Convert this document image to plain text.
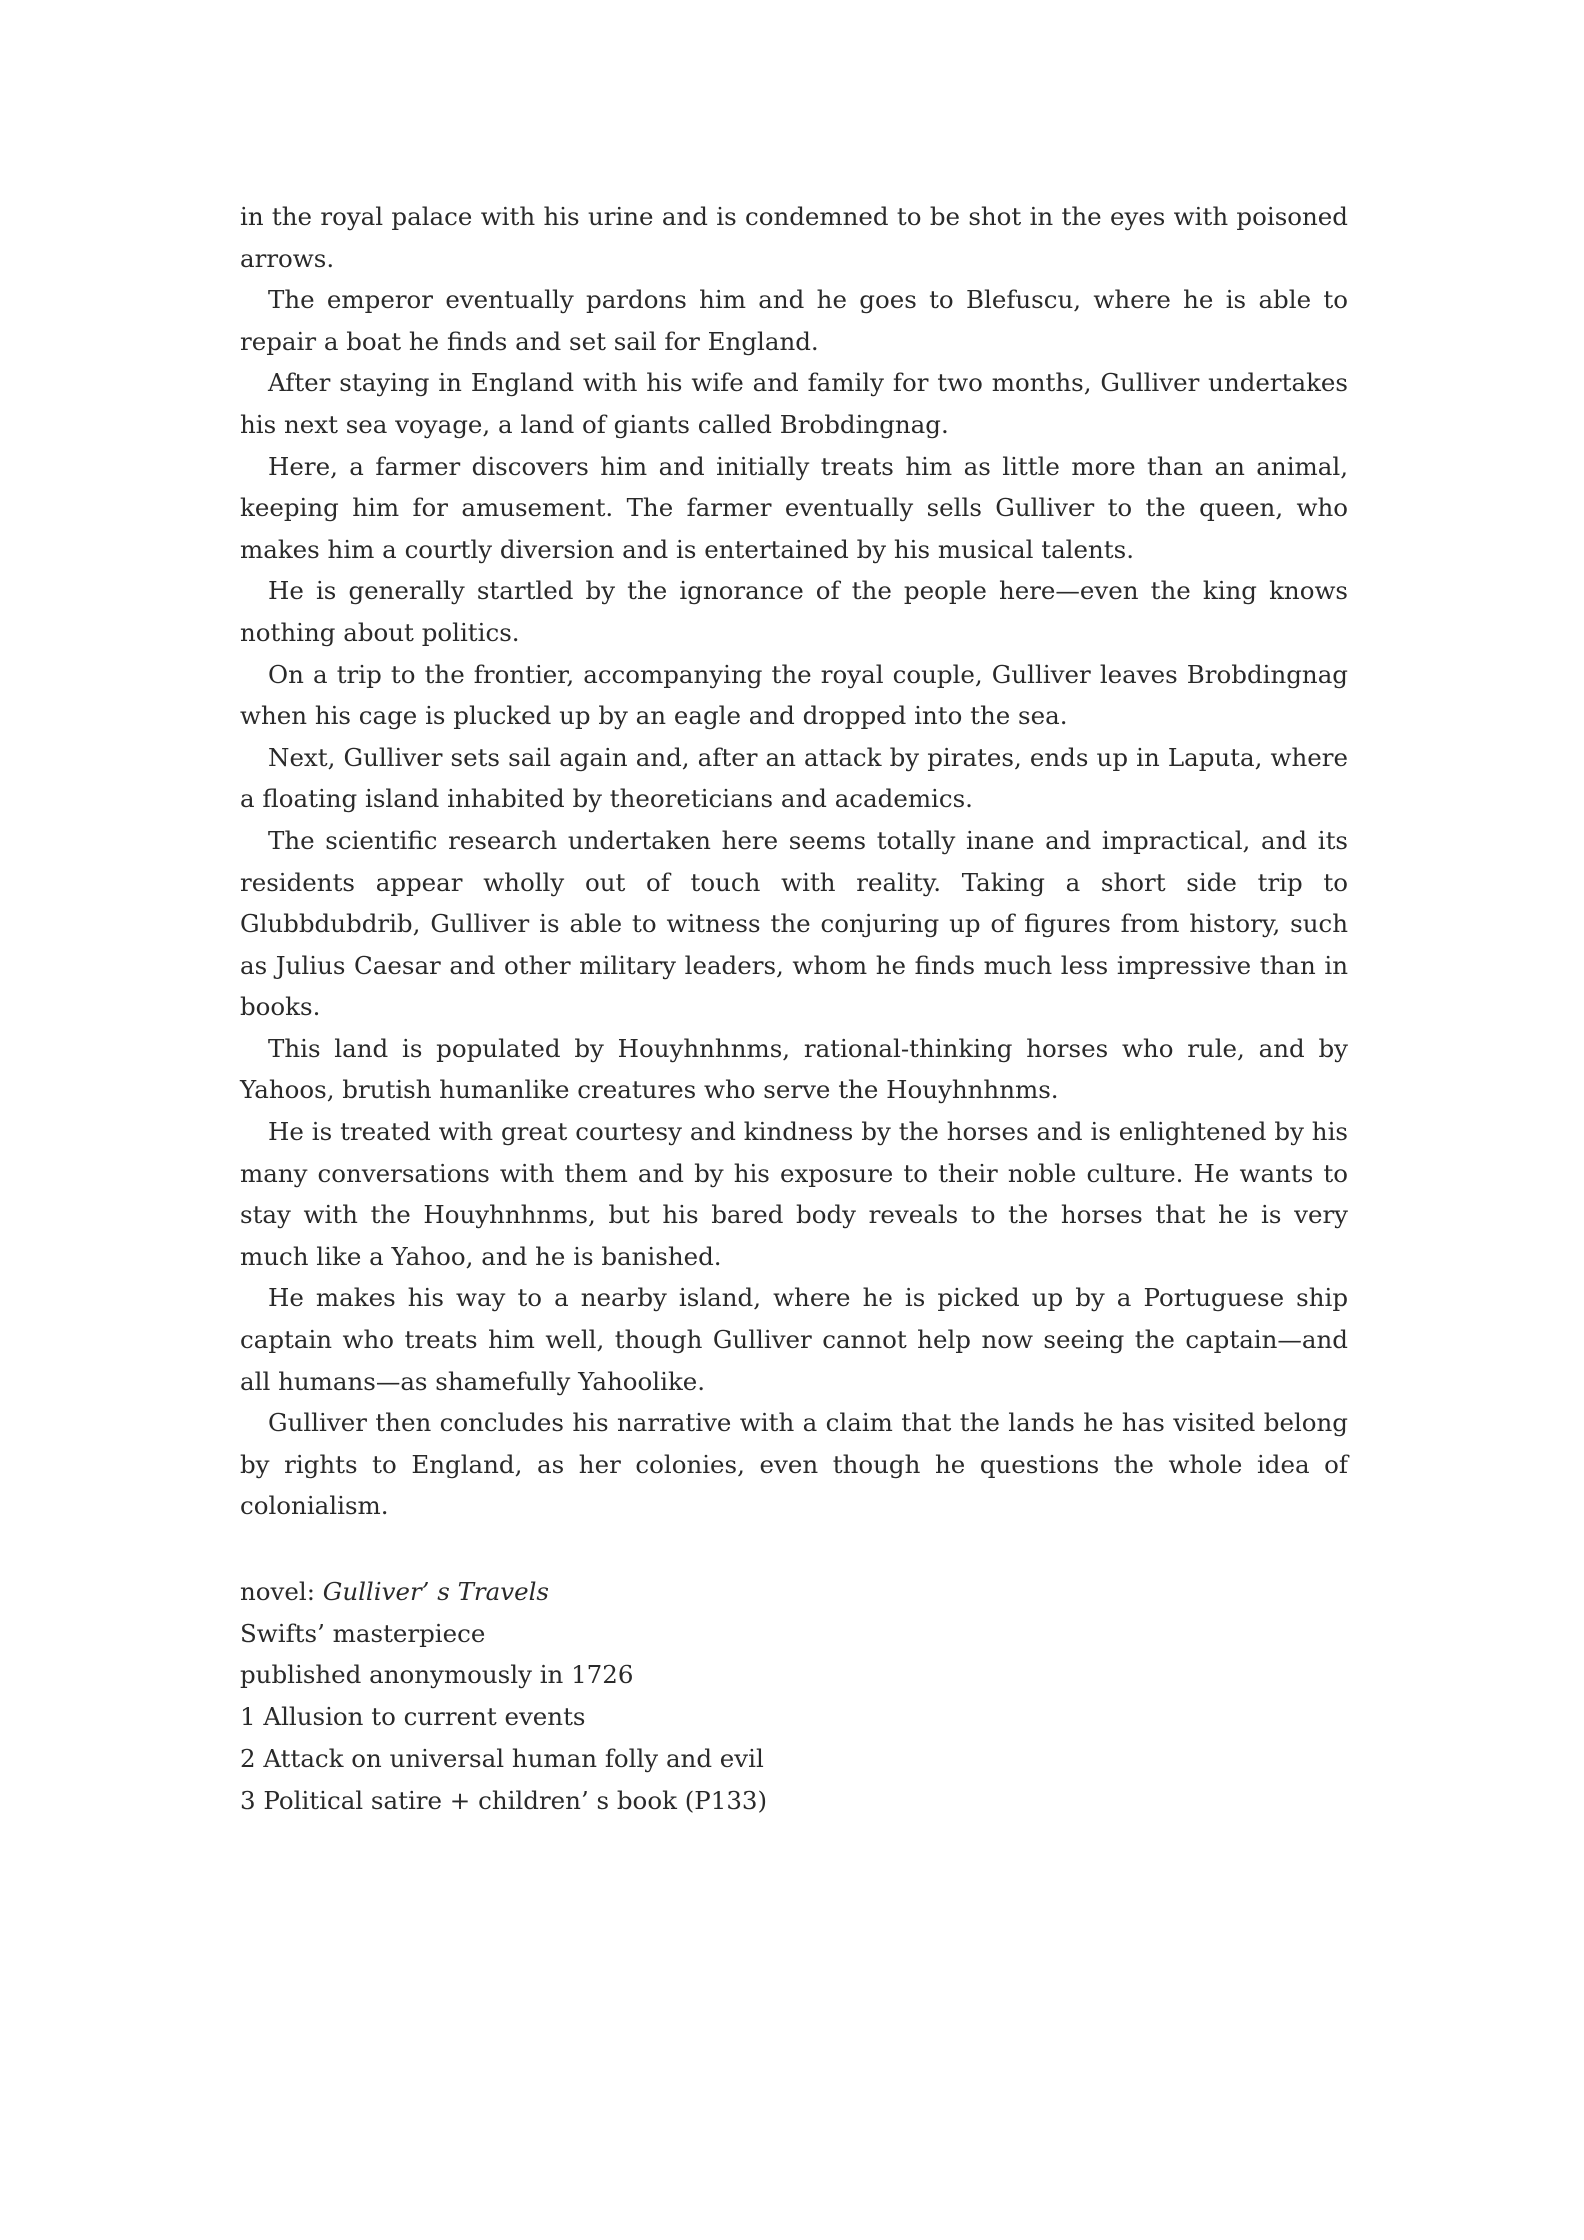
in the royal palace with his urine and is condemned to be shot in the eyes with poisoned arrows.

The emperor eventually pardons him and he goes to Blefuscu, where he is able to repair a boat he finds and set sail for England.

After staying in England with his wife and family for two months, Gulliver undertakes his next sea voyage, a land of giants called Brobdingnag.

Here, a farmer discovers him and initially treats him as little more than an animal, keeping him for amusement. The farmer eventually sells Gulliver to the queen, who makes him a courtly diversion and is entertained by his musical talents.

He is generally startled by the ignorance of the people here—even the king knows nothing about politics.

On a trip to the frontier, accompanying the royal couple, Gulliver leaves Brobdingnag when his cage is plucked up by an eagle and dropped into the sea.

Next, Gulliver sets sail again and, after an attack by pirates, ends up in Laputa, where a floating island inhabited by theoreticians and academics.

The scientific research undertaken here seems totally inane and impractical, and its residents appear wholly out of touch with reality. Taking a short side trip to Glubbdubdrib, Gulliver is able to witness the conjuring up of figures from history, such as Julius Caesar and other military leaders, whom he finds much less impressive than in books.

This land is populated by Houyhnhnms, rational-thinking horses who rule, and by Yahoos, brutish humanlike creatures who serve the Houyhnhnms.

He is treated with great courtesy and kindness by the horses and is enlightened by his many conversations with them and by his exposure to their noble culture. He wants to stay with the Houyhnhnms, but his bared body reveals to the horses that he is very much like a Yahoo, and he is banished.

He makes his way to a nearby island, where he is picked up by a Portuguese ship captain who treats him well, though Gulliver cannot help now seeing the captain—and all humans—as shamefully Yahoolike.

Gulliver then concludes his narrative with a claim that the lands he has visited belong by rights to England, as her colonies, even though he questions the whole idea of colonialism.

novel: Gulliver’ s Travels

Swifts’ masterpiece

published anonymously in 1726

1 Allusion to current events

2 Attack on universal human folly and evil

3 Political satire + children’ s book (P133)
